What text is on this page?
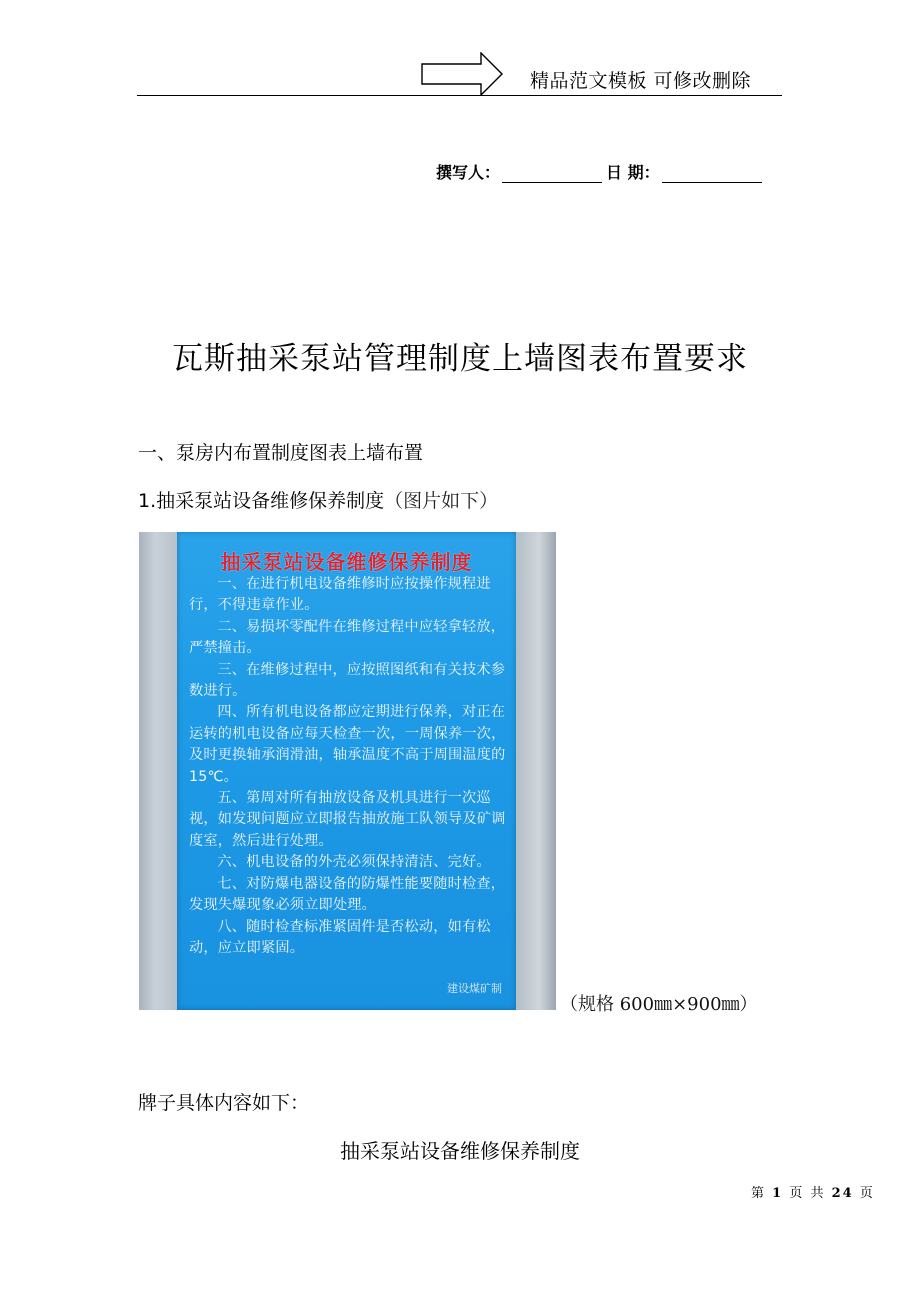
精品范文模板 可修改删除
撰写人：	日 期：
瓦斯抽采泵站管理制度上墙图表布置要求
一、泵房内布置制度图表上墙布置
1.抽采泵站设备维修保养制度（图片如下）
抽采泵站设备维修保养制度

一、在进行机电设备维修时应按操作规程进行，不得违章作业。

二、易损坏零配件在维修过程中应轻拿轻放，严禁撞击。

三、在维修过程中，应按照图纸和有关技术参数进行。

四、所有机电设备都应定期进行保养，对正在运转的机电设备应每天检查一次，一周保养一次，及时更换轴承润滑油，轴承温度不高于周围温度的15℃。

五、第周对所有抽放设备及机具进行一次巡视，如发现问题应立即报告抽放施工队领导及矿调度室，然后进行处理。

六、机电设备的外壳必须保持清洁、完好。

七、对防爆电器设备的防爆性能要随时检查，发现失爆现象必须立即处理。

八、随时检查标准紧固件是否松动，如有松动，应立即紧固。

建设煤矿制
（规格 600㎜×900㎜）
牌子具体内容如下：
抽采泵站设备维修保养制度
第 1 页 共 24 页
